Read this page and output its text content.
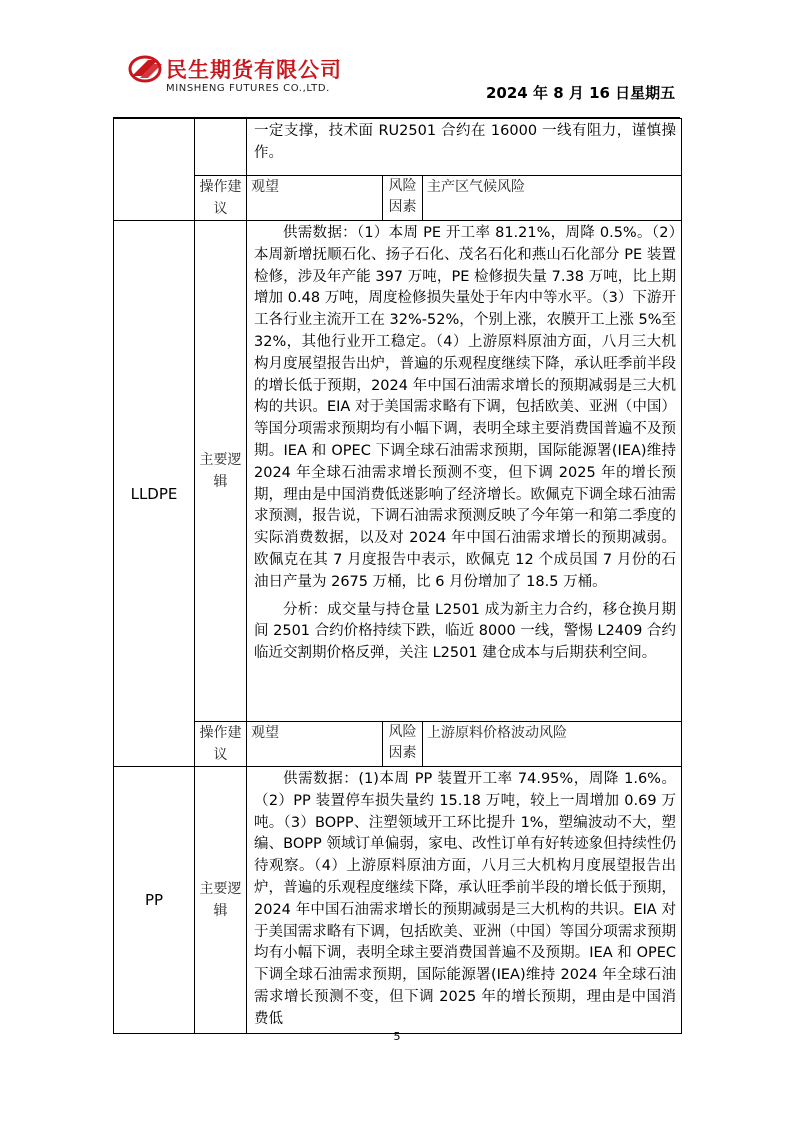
民生期货有限公司
MINSHENG FUTURES CO.,LTD.	2024 年 8 月 16 日星期五

		一定支撑，技术面 RU2501 合约在 16000 一线有阻力，谨慎操作。		

	操作建议	观望	风险因素	主产区气候风险
LLDPE	主要逻辑	供需数据：（1）本周 PE 开工率 81.21%，周降 0.5%。（2）本周新增抚顺石化、扬子石化、茂名石化和燕山石化部分 PE 装置检修，涉及年产能 397 万吨，PE 检修损失量 7.38 万吨，比上期增加 0.48 万吨，周度检修损失量处于年内中等水平。（3）下游开工各行业主流开工在 32%-52%，个别上涨，农膜开工上涨 5%至 32%，其他行业开工稳定。（4）上游原料原油方面，八月三大机构月度展望报告出炉，普遍的乐观程度继续下降，承认旺季前半段的增长低于预期，2024 年中国石油需求增长的预期减弱是三大机构的共识。EIA 对于美国需求略有下调，包括欧美、亚洲（中国）等国分项需求预期均有小幅下调，表明全球主要消费国普遍不及预期。IEA 和 OPEC 下调全球石油需求预期，国际能源署(IEA)维持 2024 年全球石油需求增长预测不变，但下调 2025 年的增长预期，理由是中国消费低迷影响了经济增长。欧佩克下调全球石油需求预测，报告说，下调石油需求预测反映了今年第一和第二季度的实际消费数据，以及对 2024 年中国石油需求增长的预期减弱。欧佩克在其 7 月度报告中表示，欧佩克 12 个成员国 7 月份的石油日产量为 2675 万桶，比 6 月份增加了 18.5 万桶。

分析：成交量与持仓量 L2501 成为新主力合约，移仓换月期间 2501 合约价格持续下跌，临近 8000 一线，警惕 L2409 合约临近交割期价格反弹，关注 L2501 建仓成本与后期获利空间。		

	操作建议	观望	风险因素	上游原料价格波动风险
PP	主要逻辑	供需数据：(1)本周 PP 装置开工率 74.95%，周降 1.6%。（2）PP 装置停车损失量约 15.18 万吨，较上一周增加 0.69 万吨。（3）BOPP、注塑领域开工环比提升 1%，塑编波动不大，塑编、BOPP 领域订单偏弱，家电、改性订单有好转迹象但持续性仍待观察。（4）上游原料原油方面，八月三大机构月度展望报告出炉，普遍的乐观程度继续下降，承认旺季前半段的增长低于预期，2024 年中国石油需求增长的预期减弱是三大机构的共识。EIA 对于美国需求略有下调，包括欧美、亚洲（中国）等国分项需求预期均有小幅下调，表明全球主要消费国普遍不及预期。IEA 和 OPEC 下调全球石油需求预期，国际能源署(IEA)维持 2024 年全球石油需求增长预测不变，但下调 2025 年的增长预期，理由是中国消费低		

5
